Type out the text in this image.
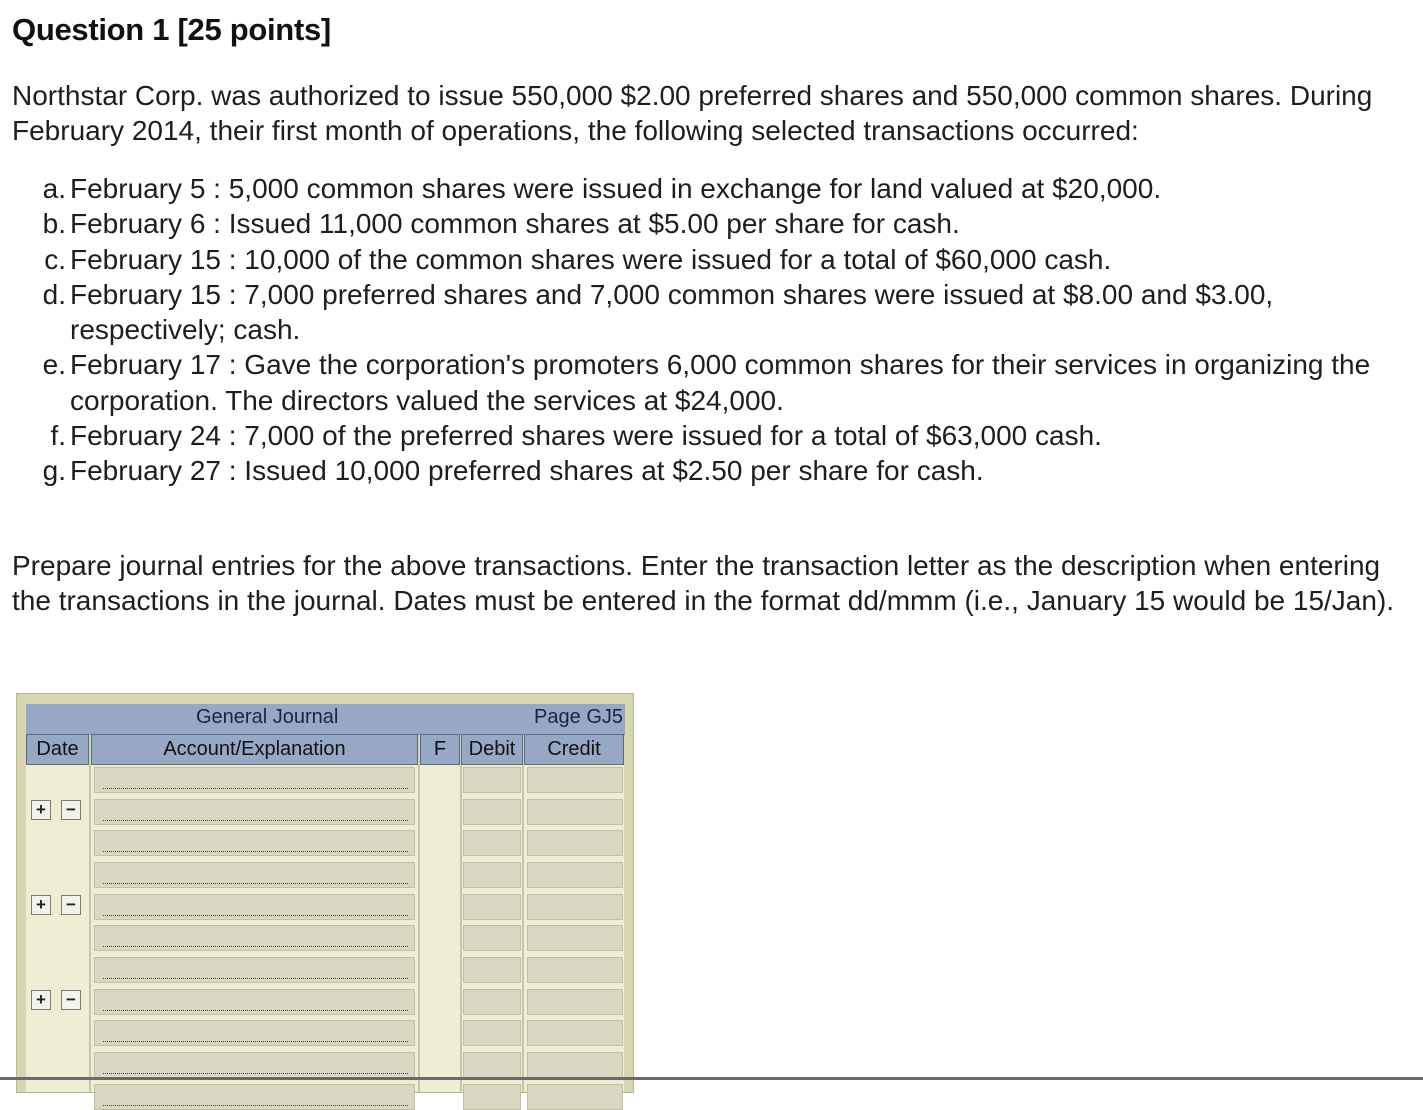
Question 1 [25 points]

Northstar Corp. was authorized to issue 550,000 $2.00 preferred shares and 550,000 common shares. During February 2014, their first month of operations, the following selected transactions occurred:

a. February 5 : 5,000 common shares were issued in exchange for land valued at $20,000.
b. February 6 : Issued 11,000 common shares at $5.00 per share for cash.
c. February 15 : 10,000 of the common shares were issued for a total of $60,000 cash.
d. February 15 : 7,000 preferred shares and 7,000 common shares were issued at $8.00 and $3.00, respectively; cash.
e. February 17 : Gave the corporation's promoters 6,000 common shares for their services in organizing the corporation. The directors valued the services at $24,000.
f. February 24 : 7,000 of the preferred shares were issued for a total of $63,000 cash.
g. February 27 : Issued 10,000 preferred shares at $2.50 per share for cash.

Prepare journal entries for the above transactions. Enter the transaction letter as the description when entering the transactions in the journal. Dates must be entered in the format dd/mmm (i.e., January 15 would be 15/Jan).

General Journal	Page GJ5
Date	Account/Explanation	F	Debit	Credit
+ −
+ −
+ −
